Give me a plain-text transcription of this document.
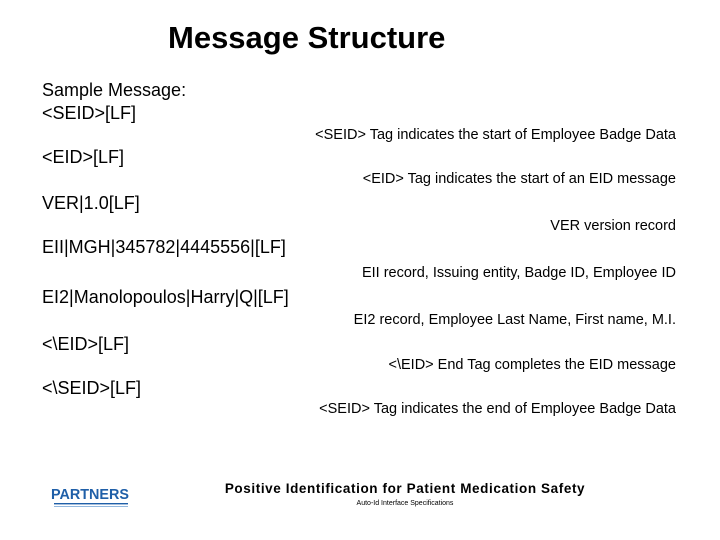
Message Structure
Sample Message:
<SEID>[LF]
<SEID> Tag indicates the start of Employee Badge Data
<EID>[LF]
<EID> Tag indicates the start of an EID message
VER|1.0[LF]
VER version record
EII|MGH|345782|4445556|[LF]
EII record, Issuing entity, Badge ID, Employee ID
EI2|Manolopoulos|Harry|Q|[LF]
EI2 record, Employee Last Name, First name, M.I.
<\EID>[LF]
<\EID> End Tag completes the EID message
<\SEID>[LF]
<SEID> Tag indicates the end of Employee Badge Data
PARTNERS	Positive Identification for Patient Medication Safety
Auto-Id Interface Specifications
